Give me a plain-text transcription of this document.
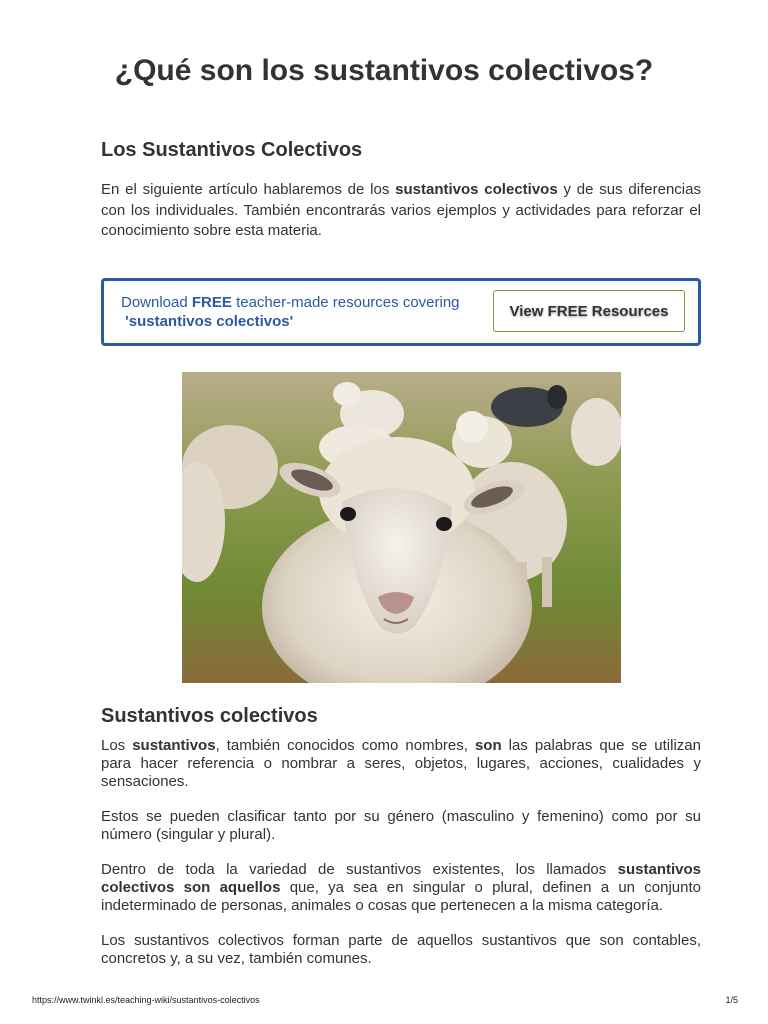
¿Qué son los sustantivos colectivos?
Los Sustantivos Colectivos

En el siguiente artículo hablaremos de los sustantivos colectivos y de sus diferencias con los individuales. También encontrarás varios ejemplos y actividades para reforzar el conocimiento sobre esta materia.

Download FREE teacher-made resources covering
'sustantivos colectivos'
View FREE Resources
Sustantivos colectivos

Los sustantivos, también conocidos como nombres, son las palabras que se utilizan para hacer referencia o nombrar a seres, objetos, lugares, acciones, cualidades y sensaciones.

Estos se pueden clasificar tanto por su género (masculino y femenino) como por su número (singular y plural).

Dentro de toda la variedad de sustantivos existentes, los llamados sustantivos colectivos son aquellos que, ya sea en singular o plural, definen a un conjunto indeterminado de personas, animales o cosas que pertenecen a la misma categoría.

Los sustantivos colectivos forman parte de aquellos sustantivos que son contables, concretos y, a su vez, también comunes.

https://www.twinkl.es/teaching-wiki/sustantivos-colectivos	1/5
